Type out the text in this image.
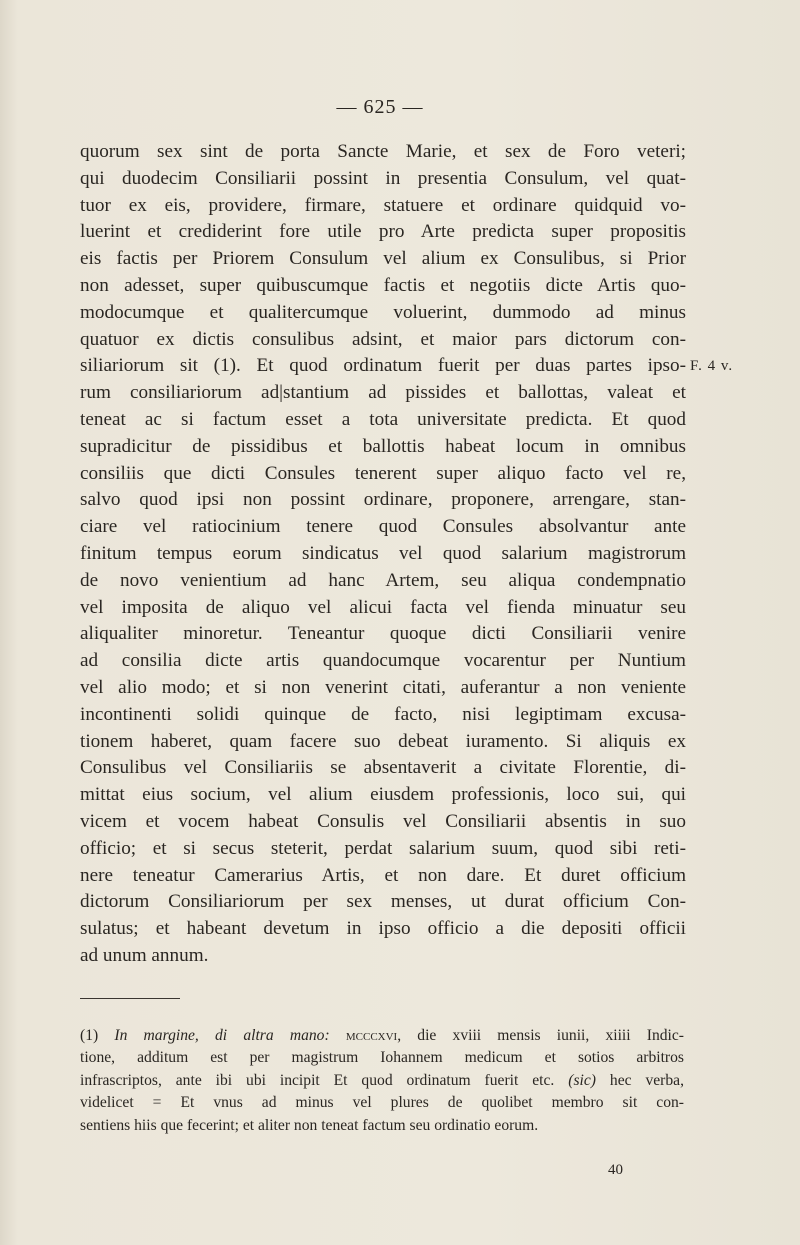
— 625 —
quorum sex sint de porta Sancte Marie, et sex de Foro veteri;
qui duodecim Consiliarii possint in presentia Consulum, vel quat-
tuor ex eis, providere, firmare, statuere et ordinare quidquid vo-
luerint et crediderint fore utile pro Arte predicta super propositis
eis factis per Priorem Consulum vel alium ex Consulibus, si Prior
non adesset, super quibuscumque factis et negotiis dicte Artis quo-
modocumque et qualitercumque voluerint, dummodo ad minus
quatuor ex dictis consulibus adsint, et maior pars dictorum con-
siliariorum sit (1). Et quod ordinatum fuerit per duas partes ipso-
rum consiliariorum ad|stantium ad pissides et ballottas, valeat et
teneat ac si factum esset a tota universitate predicta. Et quod
supradicitur de pissidibus et ballottis habeat locum in omnibus
consiliis que dicti Consules tenerent super aliquo facto vel re,
salvo quod ipsi non possint ordinare, proponere, arrengare, stan-
ciare vel ratiocinium tenere quod Consules absolvantur ante
finitum tempus eorum sindicatus vel quod salarium magistrorum
de novo venientium ad hanc Artem, seu aliqua condempnatio
vel imposita de aliquo vel alicui facta vel fienda minuatur seu
aliqualiter minoretur. Teneantur quoque dicti Consiliarii venire
ad consilia dicte artis quandocumque vocarentur per Nuntium
vel alio modo; et si non venerint citati, auferantur a non veniente
incontinenti solidi quinque de facto, nisi legiptimam excusa-
tionem haberet, quam facere suo debeat iuramento. Si aliquis ex
Consulibus vel Consiliariis se absentaverit a civitate Florentie, di-
mittat eius socium, vel alium eiusdem professionis, loco sui, qui
vicem et vocem habeat Consulis vel Consiliarii absentis in suo
officio; et si secus steterit, perdat salarium suum, quod sibi reti-
nere teneatur Camerarius Artis, et non dare. Et duret officium
dictorum Consiliariorum per sex menses, ut durat officium Con-
sulatus; et habeant devetum in ipso officio a die depositi officii
ad unum annum.
F. 4 v.
(1) In margine, di altra mano: mcccxvi, die xviii mensis iunii, xiiii Indic-
tione, additum est per magistrum Iohannem medicum et sotios arbitros
infrascriptos, ante ibi ubi incipit Et quod ordinatum fuerit etc. (sic) hec verba,
videlicet = Et vnus ad minus vel plures de quolibet membro sit con-
sentiens hiis que fecerint; et aliter non teneat factum seu ordinatio eorum.
40
